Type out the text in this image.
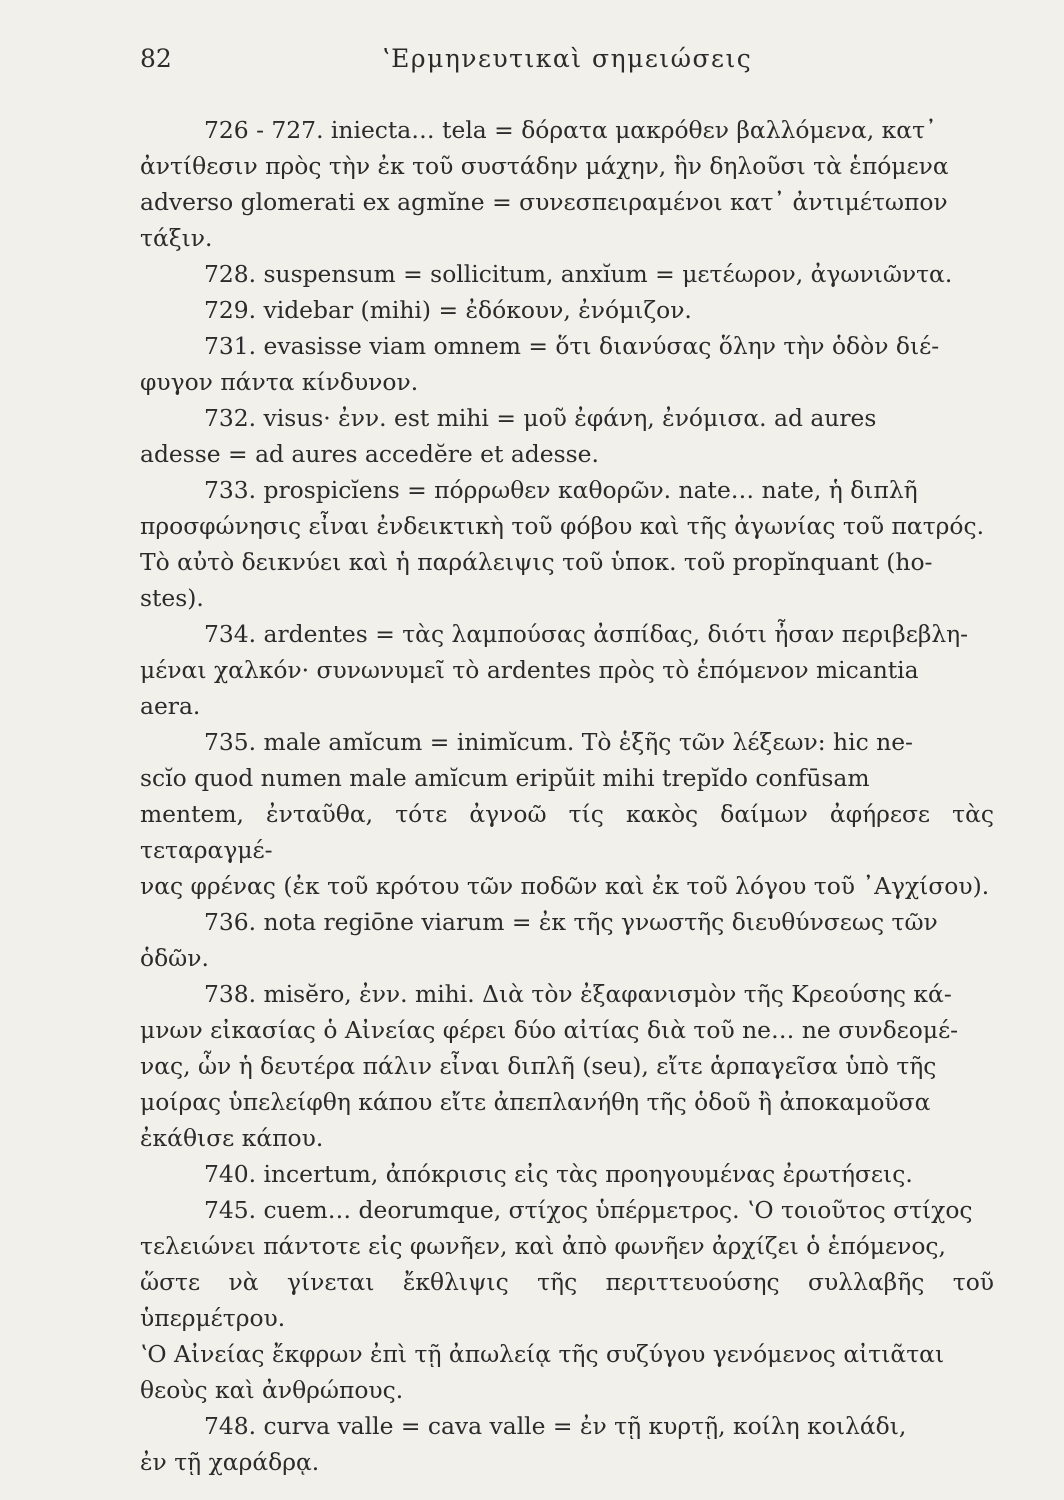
82	ʽΕρμηνευτικαὶ σημειώσεις

726 - 727. iniecta… tela = δόρατα μακρόθεν βαλλόμενα, κατ᾽
ἀντίθεσιν πρὸς τὴν ἐκ τοῦ συστάδην μάχην, ἣν δηλοῦσι τὰ ἑπόμενα
adverso glomerati ex agmĭne = συνεσπειραμένοι κατ᾽ ἀντιμέτωπον
τάξιν.

728. suspensum = sollicitum, anxĭum = μετέωρον, ἀγωνιῶντα.

729. videbar (mihi) = ἐδόκουν, ἐνόμιζον.

731. evasisse viam omnem = ὅτι διανύσας ὅλην τὴν ὁδὸν διέ-
φυγον πάντα κίνδυνον.

732. visus· ἐνν. est mihi = μοῦ ἐφάνη, ἐνόμισα. ad aures
adesse = ad aures accedĕre et adesse.

733. prospicĭens = πόρρωθεν καθορῶν. nate… nate, ἡ διπλῆ
προσφώνησις εἶναι ἐνδεικτικὴ τοῦ φόβου καὶ τῆς ἀγωνίας τοῦ πατρός.
Τὸ αὐτὸ δεικνύει καὶ ἡ παράλειψις τοῦ ὑποκ. τοῦ propĭnquant (ho-
stes).

734. ardentes = τὰς λαμπούσας ἀσπίδας, διότι ἦσαν περιβεβλη-
μέναι χαλκόν· συνωνυμεῖ τὸ ardentes πρὸς τὸ ἑπόμενον micantia
aera.

735. male amĭcum = inimĭcum. Τὸ ἑξῆς τῶν λέξεων: hic ne-
scĭo quod numen male amĭcum eripŭit mihi trepĭdo confūsam
mentem, ἐνταῦθα, τότε ἀγνοῶ τίς κακὸς δαίμων ἀφήρεσε τὰς τεταραγμέ-
νας φρένας (ἐκ τοῦ κρότου τῶν ποδῶν καὶ ἐκ τοῦ λόγου τοῦ ᾽Αγχίσου).

736. nota regiōne viarum = ἐκ τῆς γνωστῆς διευθύνσεως τῶν
ὁδῶν.

738. misĕro, ἐνν. mihi. Διὰ τὸν ἐξαφανισμὸν τῆς Κρεούσης κά-
μνων εἰκασίας ὁ Αἰνείας φέρει δύο αἰτίας διὰ τοῦ ne… ne συνδεομέ-
νας, ὧν ἡ δευτέρα πάλιν εἶναι διπλῆ (seu), εἴτε ἁρπαγεῖσα ὑπὸ τῆς
μοίρας ὑπελείφθη κάπου εἴτε ἀπεπλανήθη τῆς ὁδοῦ ἢ ἀποκαμοῦσα
ἐκάθισε κάπου.

740. incertum, ἀπόκρισις εἰς τὰς προηγουμένας ἐρωτήσεις.

745. cuem… deorumque, στίχος ὑπέρμετρος. ʽΟ τοιοῦτος στίχος
τελειώνει πάντοτε εἰς φωνῆεν, καὶ ἀπὸ φωνῆεν ἀρχίζει ὁ ἑπόμενος,
ὥστε νὰ γίνεται ἔκθλιψις τῆς περιττευούσης συλλαβῆς τοῦ ὑπερμέτρου.
ʽΟ Αἰνείας ἔκφρων ἐπὶ τῇ ἀπωλείᾳ τῆς συζύγου γενόμενος αἰτιᾶται
θεοὺς καὶ ἀνθρώπους.

748. curva valle = cava valle = ἐν τῇ κυρτῇ, κοίλη κοιλάδι,
ἐν τῇ χαράδρᾳ.
